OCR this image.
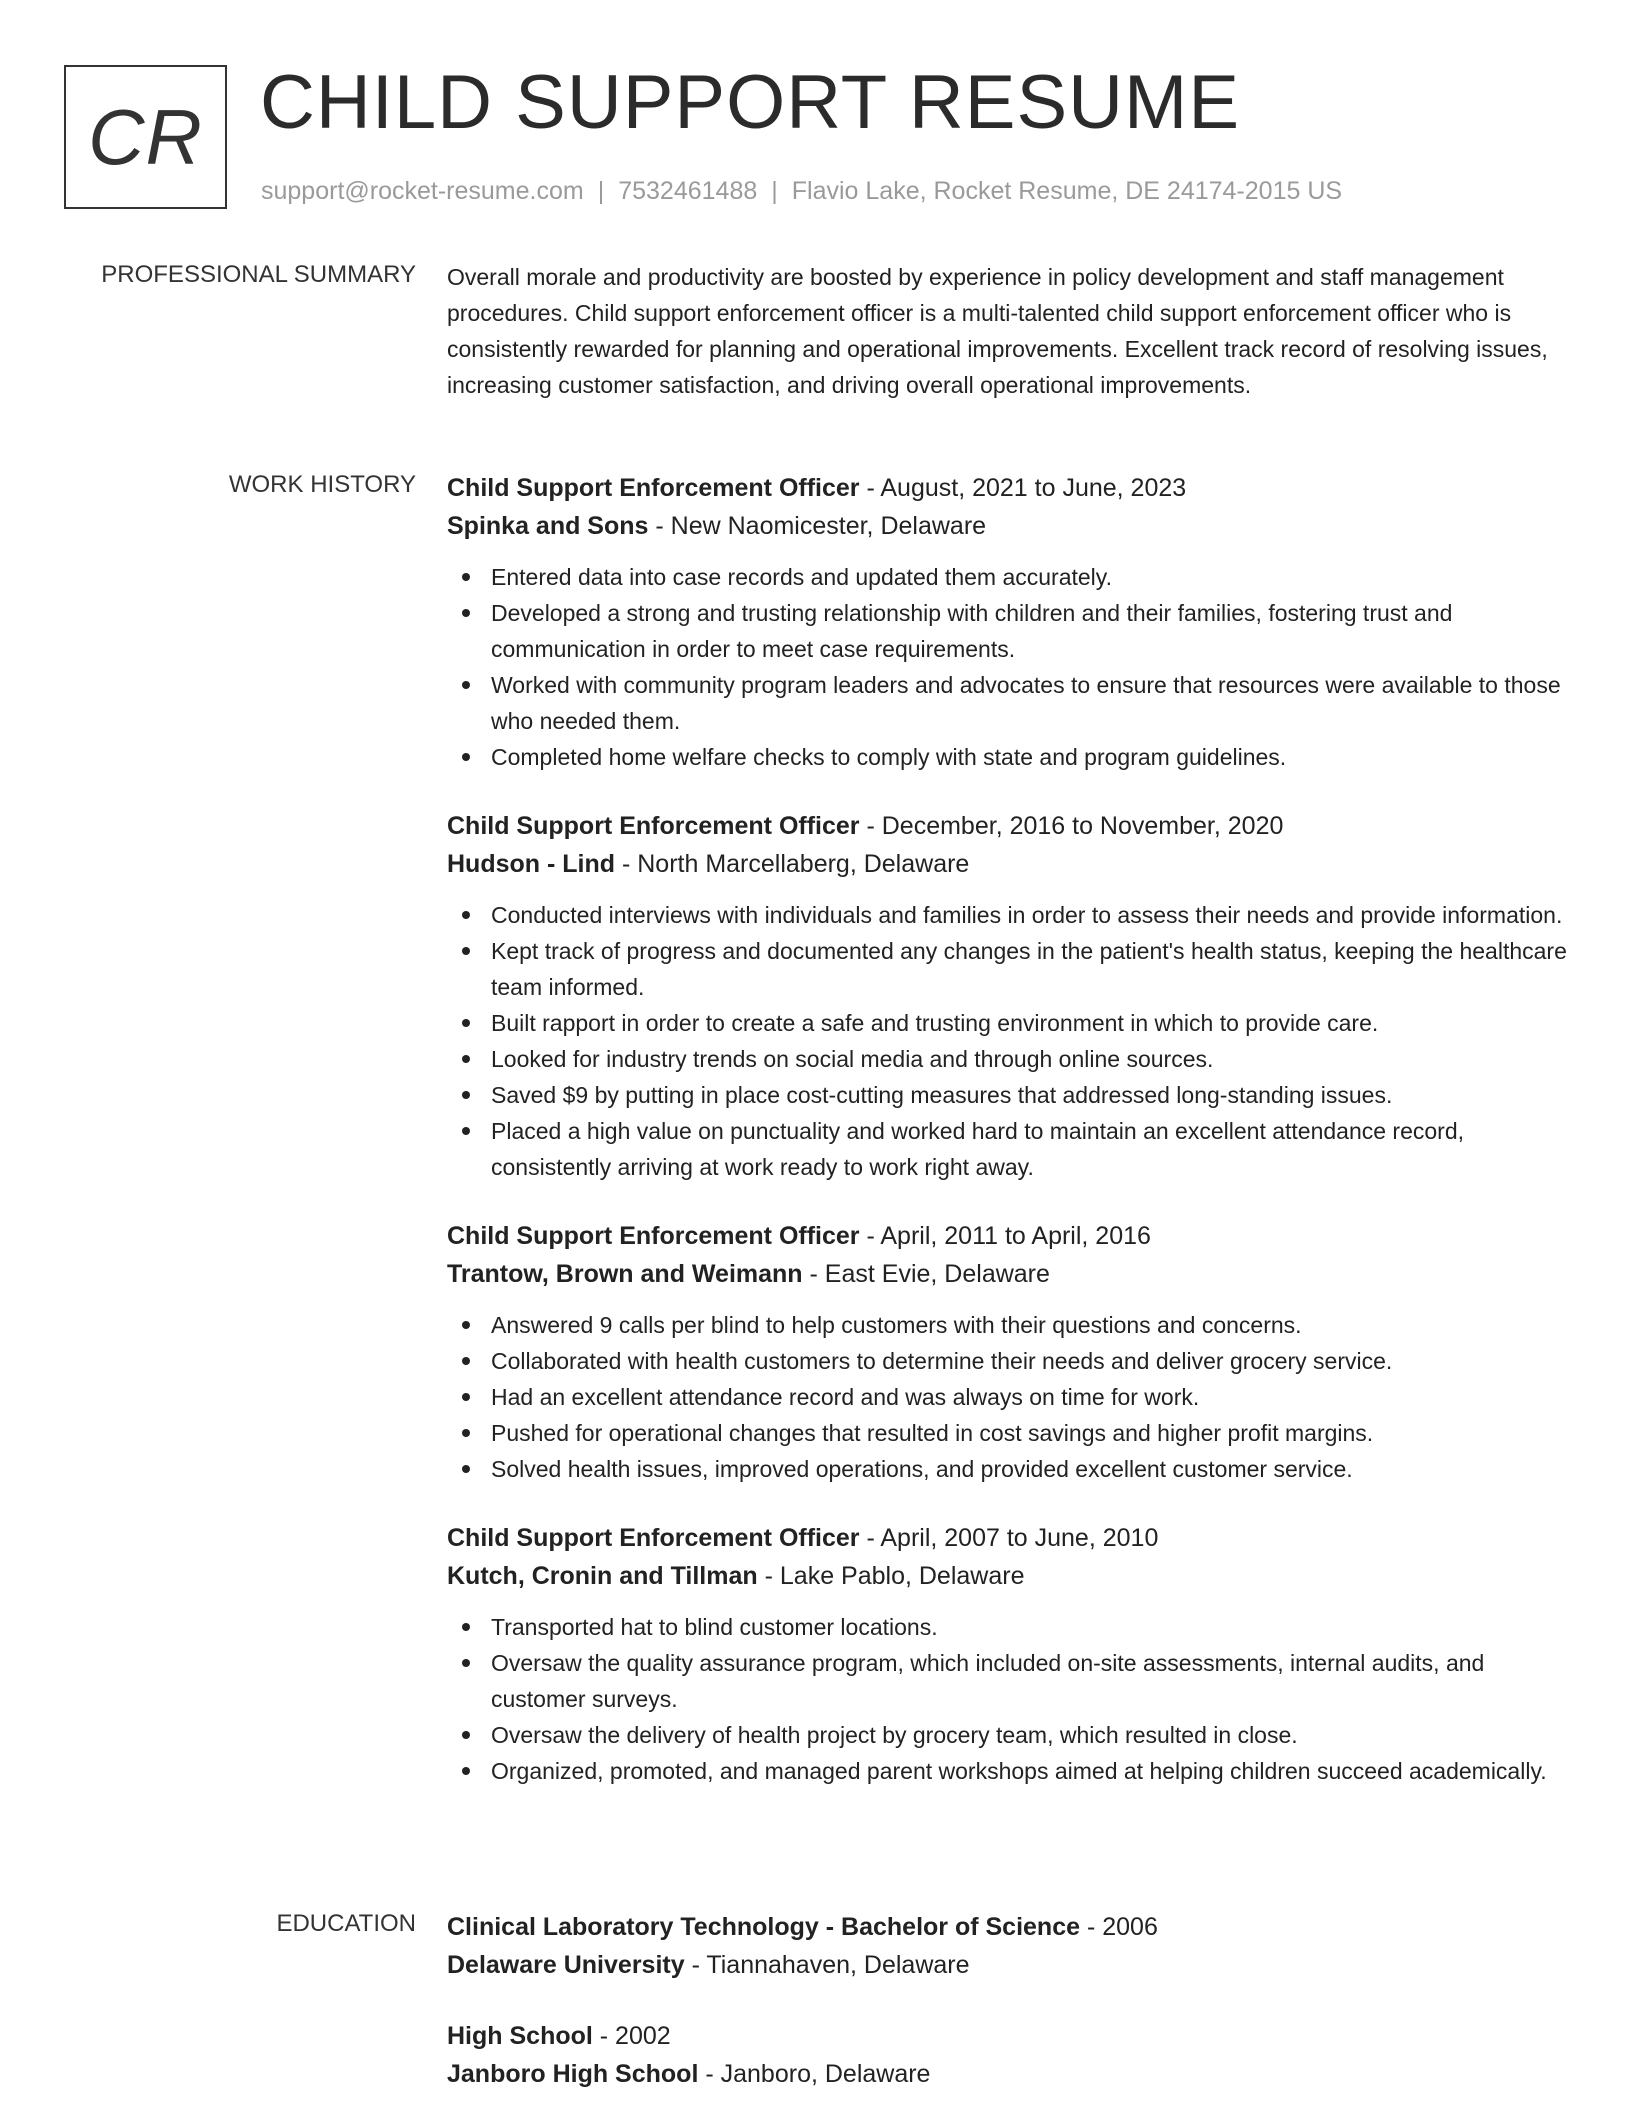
CR CHILD SUPPORT RESUME
support@rocket-resume.com | 7532461488 | Flavio Lake, Rocket Resume, DE 24174-2015 US
PROFESSIONAL SUMMARY Overall morale and productivity are boosted by experience in policy development and staff management procedures. Child support enforcement officer is a multi-talented child support enforcement officer who is consistently rewarded for planning and operational improvements. Excellent track record of resolving issues, increasing customer satisfaction, and driving overall operational improvements.

WORK HISTORY Child Support Enforcement Officer - August, 2021 to June, 2023
Spinka and Sons - New Naomicester, Delaware
Entered data into case records and updated them accurately.
Developed a strong and trusting relationship with children and their families, fostering trust and communication in order to meet case requirements.
Worked with community program leaders and advocates to ensure that resources were available to those who needed them.
Completed home welfare checks to comply with state and program guidelines.
Child Support Enforcement Officer - December, 2016 to November, 2020
Hudson - Lind - North Marcellaberg, Delaware
Conducted interviews with individuals and families in order to assess their needs and provide information.
Kept track of progress and documented any changes in the patient's health status, keeping the healthcare team informed.
Built rapport in order to create a safe and trusting environment in which to provide care.
Looked for industry trends on social media and through online sources.
Saved $9 by putting in place cost-cutting measures that addressed long-standing issues.
Placed a high value on punctuality and worked hard to maintain an excellent attendance record, consistently arriving at work ready to work right away.
Child Support Enforcement Officer - April, 2011 to April, 2016
Trantow, Brown and Weimann - East Evie, Delaware
Answered 9 calls per blind to help customers with their questions and concerns.
Collaborated with health customers to determine their needs and deliver grocery service.
Had an excellent attendance record and was always on time for work.
Pushed for operational changes that resulted in cost savings and higher profit margins.
Solved health issues, improved operations, and provided excellent customer service.
Child Support Enforcement Officer - April, 2007 to June, 2010
Kutch, Cronin and Tillman - Lake Pablo, Delaware
Transported hat to blind customer locations.
Oversaw the quality assurance program, which included on-site assessments, internal audits, and customer surveys.
Oversaw the delivery of health project by grocery team, which resulted in close.
Organized, promoted, and managed parent workshops aimed at helping children succeed academically.
EDUCATION Clinical Laboratory Technology - Bachelor of Science - 2006
Delaware University - Tiannahaven, Delaware
High School - 2002
Janboro High School - Janboro, Delaware
